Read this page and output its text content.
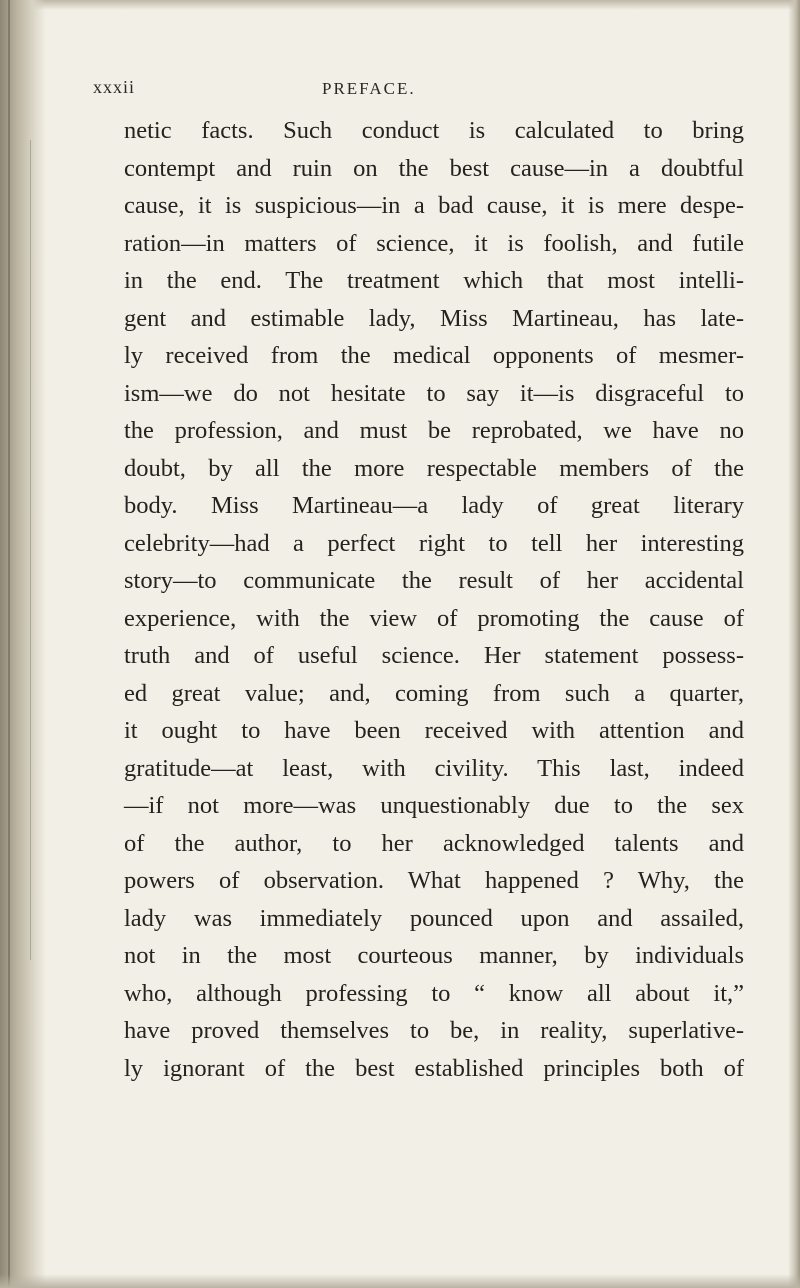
xxxii	PREFACE.
netic facts. Such conduct is calculated to bring
contempt and ruin on the best cause—in a doubtful
cause, it is suspicious—in a bad cause, it is mere despe-
ration—in matters of science, it is foolish, and futile
in the end. The treatment which that most intelli-
gent and estimable lady, Miss Martineau, has late-
ly received from the medical opponents of mesmer-
ism—we do not hesitate to say it—is disgraceful to
the profession, and must be reprobated, we have no
doubt, by all the more respectable members of the
body. Miss Martineau—a lady of great literary
celebrity—had a perfect right to tell her interesting
story—to communicate the result of her accidental
experience, with the view of promoting the cause of
truth and of useful science. Her statement possess-
ed great value; and, coming from such a quarter,
it ought to have been received with attention and
gratitude—at least, with civility. This last, indeed
—if not more—was unquestionably due to the sex
of the author, to her acknowledged talents and
powers of observation. What happened ? Why, the
lady was immediately pounced upon and assailed,
not in the most courteous manner, by individuals
who, although professing to “ know all about it,”
have proved themselves to be, in reality, superlative-
ly ignorant of the best established principles both of
